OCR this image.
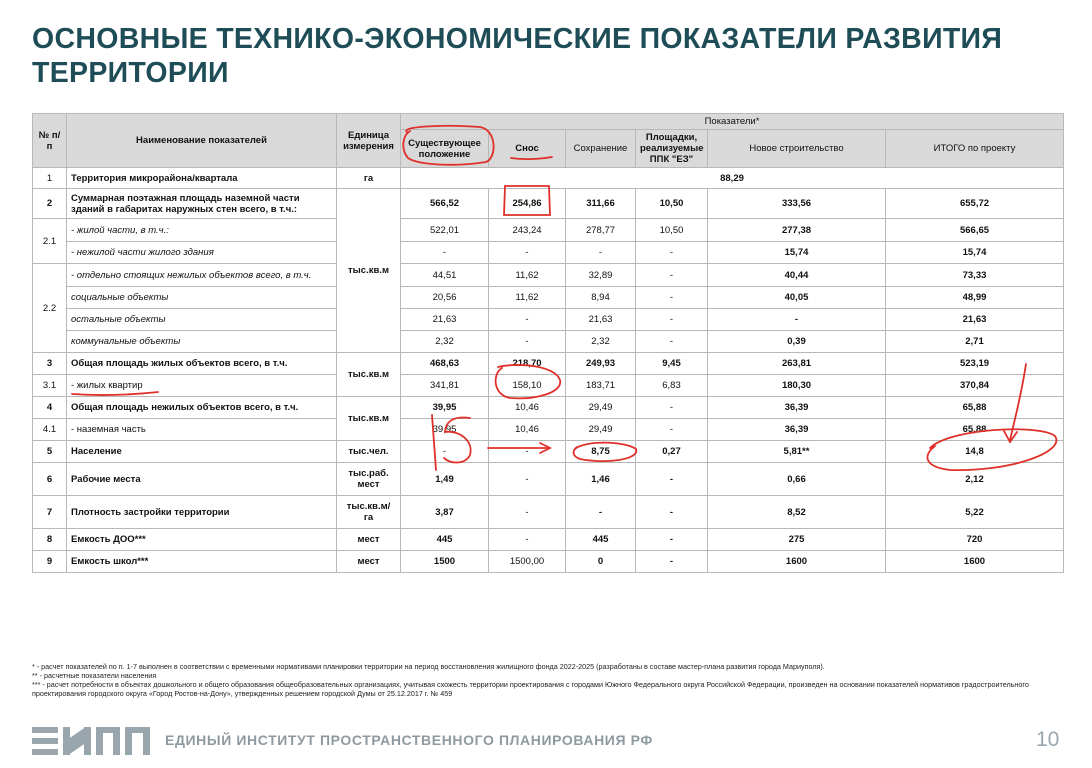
ОСНОВНЫЕ ТЕХНИКО-ЭКОНОМИЧЕСКИЕ ПОКАЗАТЕЛИ РАЗВИТИЯ ТЕРРИТОРИИ
№ п/п	Наименование показателей	Единица измерения	Показатели*					
			Существующее положение	Снос	Сохранение	Площадки, реализуемые ППК "ЕЗ"	Новое строительство	ИТОГО по проекту
1	Территория микрорайона/квартала	га	88,29					
2	Суммарная поэтажная площадь наземной части зданий в габаритах наружных стен всего, в т.ч.:	тыс.кв.м	566,52	254,86	311,66	10,50	333,56	655,72
2.1	- жилой части, в т.ч.:		522,01	243,24	278,77	10,50	277,38	566,65
	- нежилой части жилого здания		-	-	-	-	15,74	15,74
2.2	- отдельно стоящих нежилых объектов всего, в т.ч.		44,51	11,62	32,89	-	40,44	73,33
	социальные объекты		20,56	11,62	8,94	-	40,05	48,99
	остальные объекты		21,63	-	21,63	-	-	21,63
	коммунальные объекты		2,32	-	2,32	-	0,39	2,71
3	Общая площадь жилых объектов всего, в т.ч.	тыс.кв.м	468,63	218,70	249,93	9,45	263,81	523,19
3.1	- жилых квартир		341,81	158,10	183,71	6,83	180,30	370,84
4	Общая площадь нежилых объектов всего, в т.ч.	тыс.кв.м	39,95	10,46	29,49	-	36,39	65,88
4.1	- наземная часть		39,95	10,46	29,49	-	36,39	65,88
5	Население	тыс.чел.	-	-	8,75	0,27	5,81**	14,8
6	Рабочие места	тыс.раб. мест	1,49	-	1,46	-	0,66	2,12
7	Плотность застройки территории	тыс.кв.м/ га	3,87	-	-	-	8,52	5,22
8	Емкость ДОО***	мест	445	-	445	-	275	720
9	Емкость школ***	мест	1500	1500,00	0	-	1600	1600

* - расчет показателей по п. 1-7 выполнен в соответствии с временными нормативами планировки территории на период восстановления жилищного фонда 2022-2025 (разработаны в составе мастер-плана развития города Мариуполя).

** - расчетные показатели населения

*** - расчет потребности в объектах дошкольного и общего образования общеобразовательных организациях, учитывая схожесть территории проектирования с городами Южного Федерального округа Российской Федерации, произведен на основании показателей нормативов градостроительного проектирования городского округа «Город Ростов-на-Дону», утвержденных решением городской Думы от 25.12.2017 г. № 459

ЕДИНЫЙ ИНСТИТУТ ПРОСТРАНСТВЕННОГО ПЛАНИРОВАНИЯ РФ	10
